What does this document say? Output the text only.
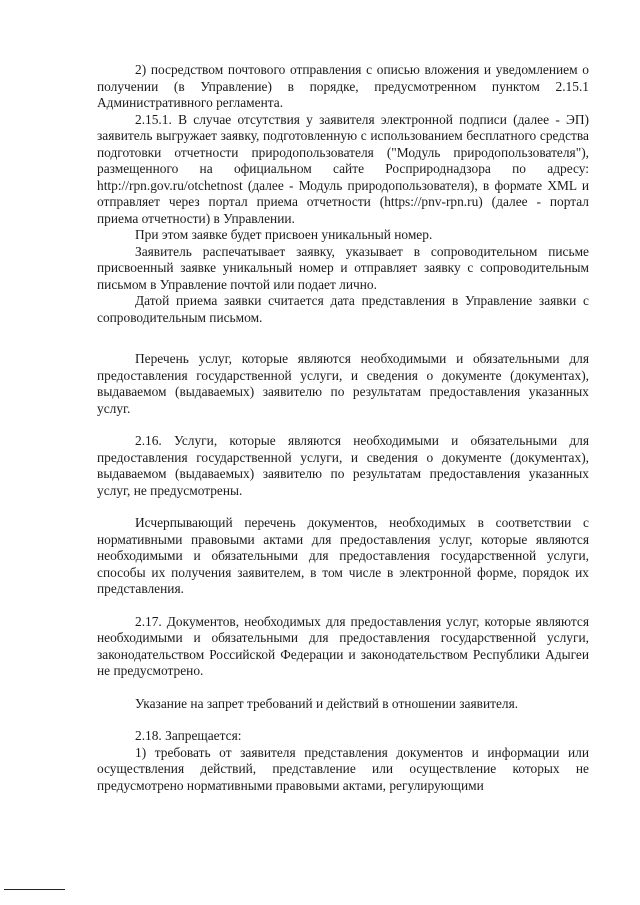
2) посредством почтового отправления с описью вложения и уведомлением о получении (в Управление) в порядке, предусмотренном пунктом 2.15.1 Административного регламента.

2.15.1. В случае отсутствия у заявителя электронной подписи (далее - ЭП) заявитель выгружает заявку, подготовленную с использованием бесплатного средства подготовки отчетности природопользователя ("Модуль природопользователя"), размещенного на официальном сайте Росприроднадзора по адресу: http://rpn.gov.ru/otchetnost (далее - Модуль природопользователя), в формате XML и отправляет через портал приема отчетности (https://pnv-rpn.ru) (далее - портал приема отчетности) в Управлении.

При этом заявке будет присвоен уникальный номер.

Заявитель распечатывает заявку, указывает в сопроводительном письме присвоенный заявке уникальный номер и отправляет заявку с сопроводительным письмом в Управление почтой или подает лично.

Датой приема заявки считается дата представления в Управление заявки с сопроводительным письмом.

Перечень услуг, которые являются необходимыми и обязательными для предоставления государственной услуги, и сведения о документе (документах), выдаваемом (выдаваемых) заявителю по результатам предоставления указанных услуг.

2.16. Услуги, которые являются необходимыми и обязательными для предоставления государственной услуги, и сведения о документе (документах), выдаваемом (выдаваемых) заявителю по результатам предоставления указанных услуг, не предусмотрены.

Исчерпывающий перечень документов, необходимых в соответствии с нормативными правовыми актами для предоставления услуг, которые являются необходимыми и обязательными для предоставления государственной услуги, способы их получения заявителем, в том числе в электронной форме, порядок их представления.

2.17. Документов, необходимых для предоставления услуг, которые являются необходимыми и обязательными для предоставления государственной услуги, законодательством Российской Федерации и законодательством Республики Адыгеи не предусмотрено.

Указание на запрет требований и действий в отношении заявителя.

2.18. Запрещается:

1) требовать от заявителя представления документов и информации или осуществления действий, представление или осуществление которых не предусмотрено нормативными правовыми актами, регулирующими
